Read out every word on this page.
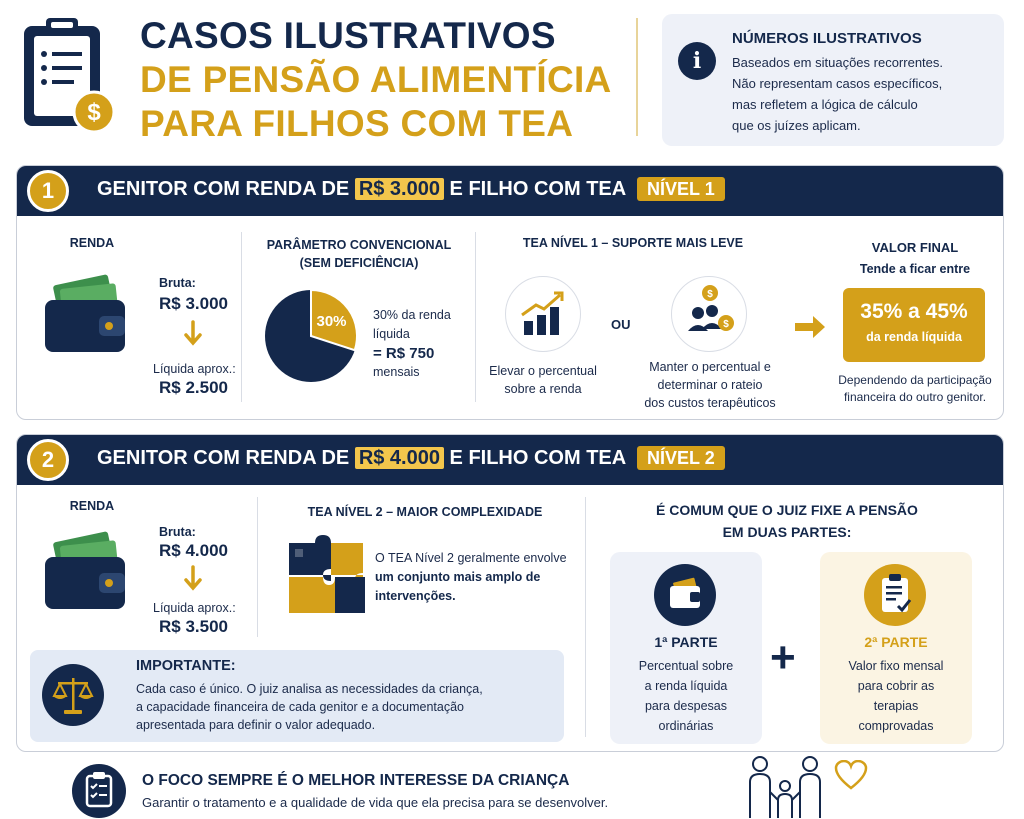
$
CASOS ILUSTRATIVOS
DE PENSÃO ALIMENTÍCIA
PARA FILHOS COM TEA
i
NÚMEROS ILUSTRATIVOS
Baseados em situações recorrentes.
Não representam casos específicos,
mas refletem a lógica de cálculo
que os juízes aplicam.
1	GENITOR COM RENDA DE R$ 3.000 E FILHO COM TEA NÍVEL 1
RENDA
Bruta:
R$ 3.000
Líquida aprox.:
R$ 2.500
PARÂMETRO CONVENCIONAL
(SEM DEFICIÊNCIA)
30% 30% da renda
líquida
= R$ 750
mensais
TEA NÍVEL 1 – SUPORTE MAIS LEVE
Elevar o percentual
sobre a renda
OU
$
$
Manter o percentual e
determinar o rateio
dos custos terapêuticos
VALOR FINAL
Tende a ficar entre
35% a 45%
da renda líquida
Dependendo da participação
financeira do outro genitor.
2	GENITOR COM RENDA DE R$ 4.000 E FILHO COM TEA NÍVEL 2
RENDA
Bruta:
R$ 4.000
Líquida aprox.:
R$ 3.500
TEA NÍVEL 2 – MAIOR COMPLEXIDADE
O TEA Nível 2 geralmente envolve
um conjunto mais amplo de
intervenções.
É COMUM QUE O JUIZ FIXE A PENSÃO
EM DUAS PARTES:
IMPORTANTE:
Cada caso é único. O juiz analisa as necessidades da criança,
a capacidade financeira de cada genitor e a documentação
apresentada para definir o valor adequado.
1ª PARTE
Percentual sobre
a renda líquida
para despesas
ordinárias
+	2ª PARTE
Valor fixo mensal
para cobrir as
terapias
comprovadas
O FOCO SEMPRE É O MELHOR INTERESSE DA CRIANÇA
Garantir o tratamento e a qualidade de vida que ela precisa para se desenvolver.
